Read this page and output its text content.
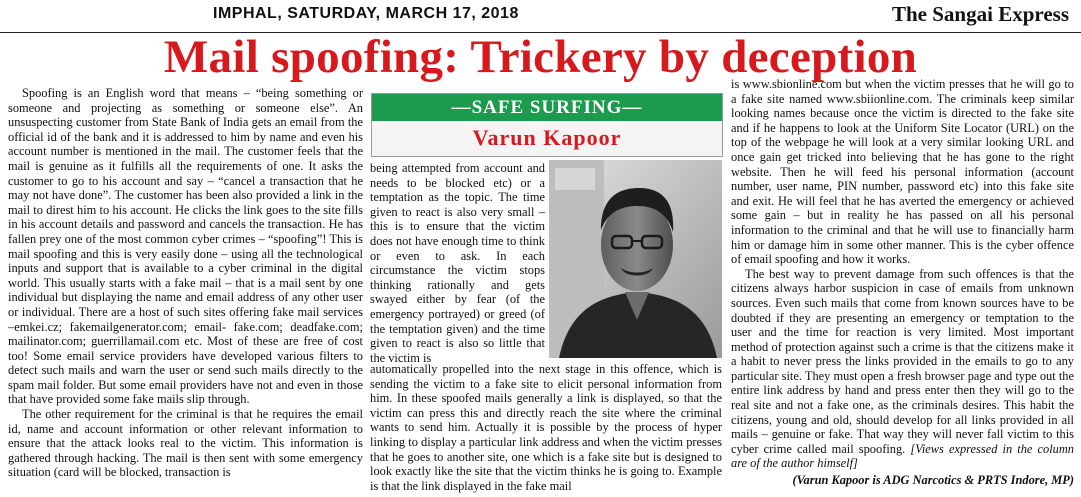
IMPHAL, SATURDAY, MARCH 17, 2018	The Sangai Express
Mail spoofing: Trickery by deception

Spoofing is an English word that means – “being something or someone and projecting as something or someone else”. An unsuspecting customer from State Bank of India gets an email from the official id of the bank and it is addressed to him by name and even his account number is mentioned in the mail. The customer feels that the mail is genuine as it fulfills all the requirements of one. It asks the customer to go to his account and say – “cancel a transaction that he may not have done”. The customer has been also provided a link in the mail to direst him to his account. He clicks the link goes to the site fills in his account details and password and cancels the transaction. He has fallen prey one of the most common cyber crimes – “spoofing”! This is mail spoofing and this is very easily done – using all the technological inputs and support that is available to a cyber criminal in the digital world. This usually starts with a fake mail – that is a mail sent by one individual but displaying the name and email address of any other user or individual. There are a host of such sites offering fake mail services –emkei.cz; fakemailgenerator.com; email- fake.com; deadfake.com; mailinator.com; guerrillamail.com etc. Most of these are free of cost too! Some email service providers have developed various filters to detect such mails and warn the user or send such mails directly to the spam mail folder. But some email providers have not and even in those that have provided some fake mails slip through.

The other requirement for the criminal is that he requires the email id, name and account information or other relevant information to ensure that the attack looks real to the victim. This information is gathered through hacking. The mail is then sent with some emergency situation (card will be blocked, transaction is

—SAFE SURFING—
Varun Kapoor

being attempted from account and needs to be blocked etc) or a temptation as the topic. The time given to react is also very small – this is to ensure that the victim does not have enough time to think or even to ask. In each circumstance the victim stops thinking rationally and gets swayed either by fear (of the emergency portrayed) or greed (of the temptation given) and the time given to react is also so little that the victim is

automatically propelled into the next stage in this offence, which is sending the victim to a fake site to elicit personal information from him. In these spoofed mails generally a link is displayed, so that the victim can press this and directly reach the site where the criminal wants to send him. Actually it is possible by the process of hyper linking to display a particular link address and when the victim presses that he goes to another site, one which is a fake site but is designed to look exactly like the site that the victim thinks he is going to. Example is that the link displayed in the fake mail

is www.sbionline.com but when the victim presses that he will go to a fake site named www.sbiionline.com. The criminals keep similar looking names because once the victim is directed to the fake site and if he happens to look at the Uniform Site Locator (URL) on the top of the webpage he will look at a very similar looking URL and once gain get tricked into believing that he has gone to the right website. Then he will feed his personal information (account number, user name, PIN number, password etc) into this fake site and exit. He will feel that he has averted the emergency or achieved some gain – but in reality he has passed on all his personal information to the criminal and that he will use to financially harm him or damage him in some other manner. This is the cyber offence of email spoofing and how it works.

The best way to prevent damage from such offences is that the citizens always harbor suspicion in case of emails from unknown sources. Even such mails that come from known sources have to be doubted if they are presenting an emergency or temptation to the user and the time for reaction is very limited. Most important method of protection against such a crime is that the citizens make it a habit to never press the links provided in the emails to go to any particular site. They must open a fresh browser page and type out the entire link address by hand and press enter then they will go to the real site and not a fake one, as the criminals desires. This habit the citizens, young and old, should develop for all links provided in all mails – genuine or fake. That way they will never fall victim to this cyber crime called mail spoofing. [Views expressed in the column are of the author himself]

(Varun Kapoor is ADG Narcotics & PRTS Indore, MP)
